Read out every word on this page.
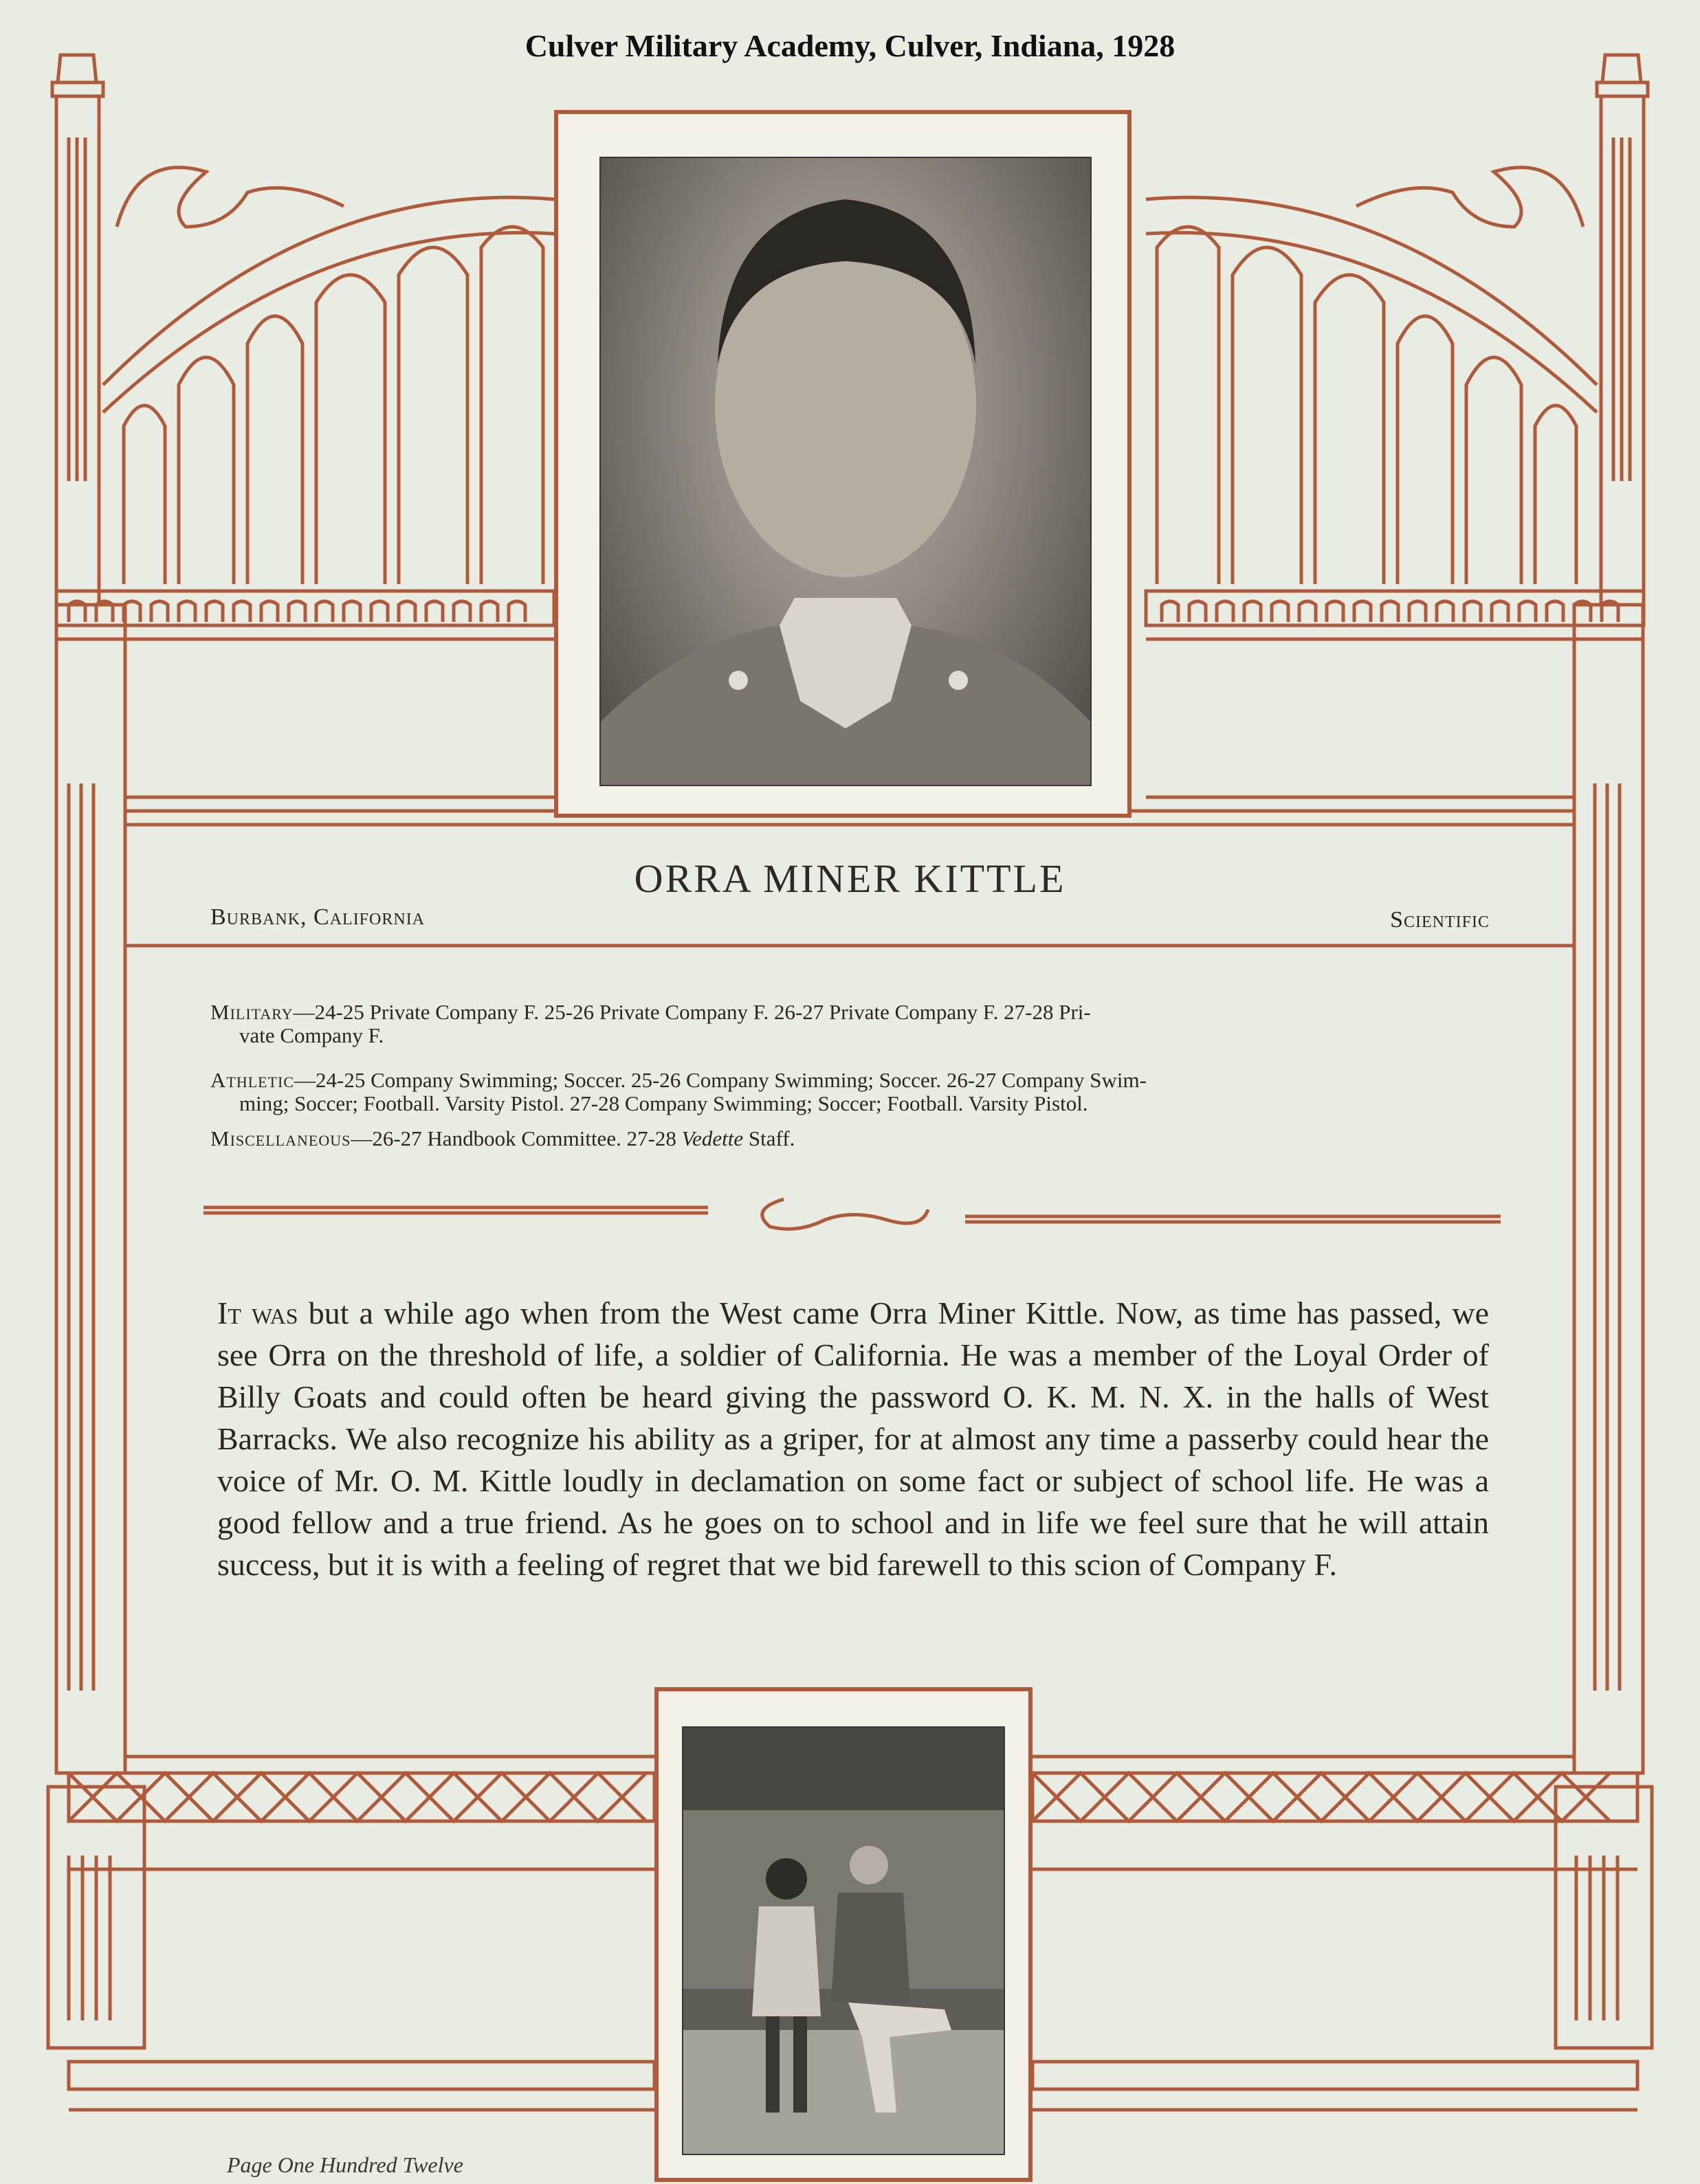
Culver Military Academy, Culver, Indiana, 1928
ORRA MINER KITTLE
Burbank, California	Scientific
Military—24-25 Private Company F. 25-26 Private Company F. 26-27 Private Company F. 27-28 Pri-
vate Company F.
Athletic—24-25 Company Swimming; Soccer. 25-26 Company Swimming; Soccer. 26-27 Company Swim-
ming; Soccer; Football. Varsity Pistol. 27-28 Company Swimming; Soccer; Football. Varsity Pistol.
Miscellaneous—26-27 Handbook Committee. 27-28 Vedette Staff.
It was but a while ago when from the West came Orra Miner Kittle. Now, as time has passed, we see Orra on the threshold of life, a soldier of California. He was a member of the Loyal Order of Billy Goats and could often be heard giving the password O. K. M. N. X. in the halls of West Barracks. We also recognize his ability as a griper, for at almost any time a passerby could hear the voice of Mr. O. M. Kittle loudly in declamation on some fact or subject of school life. He was a good fellow and a true friend. As he goes on to school and in life we feel sure that he will attain success, but it is with a feeling of regret that we bid farewell to this scion of Company F.
Page One Hundred Twelve
